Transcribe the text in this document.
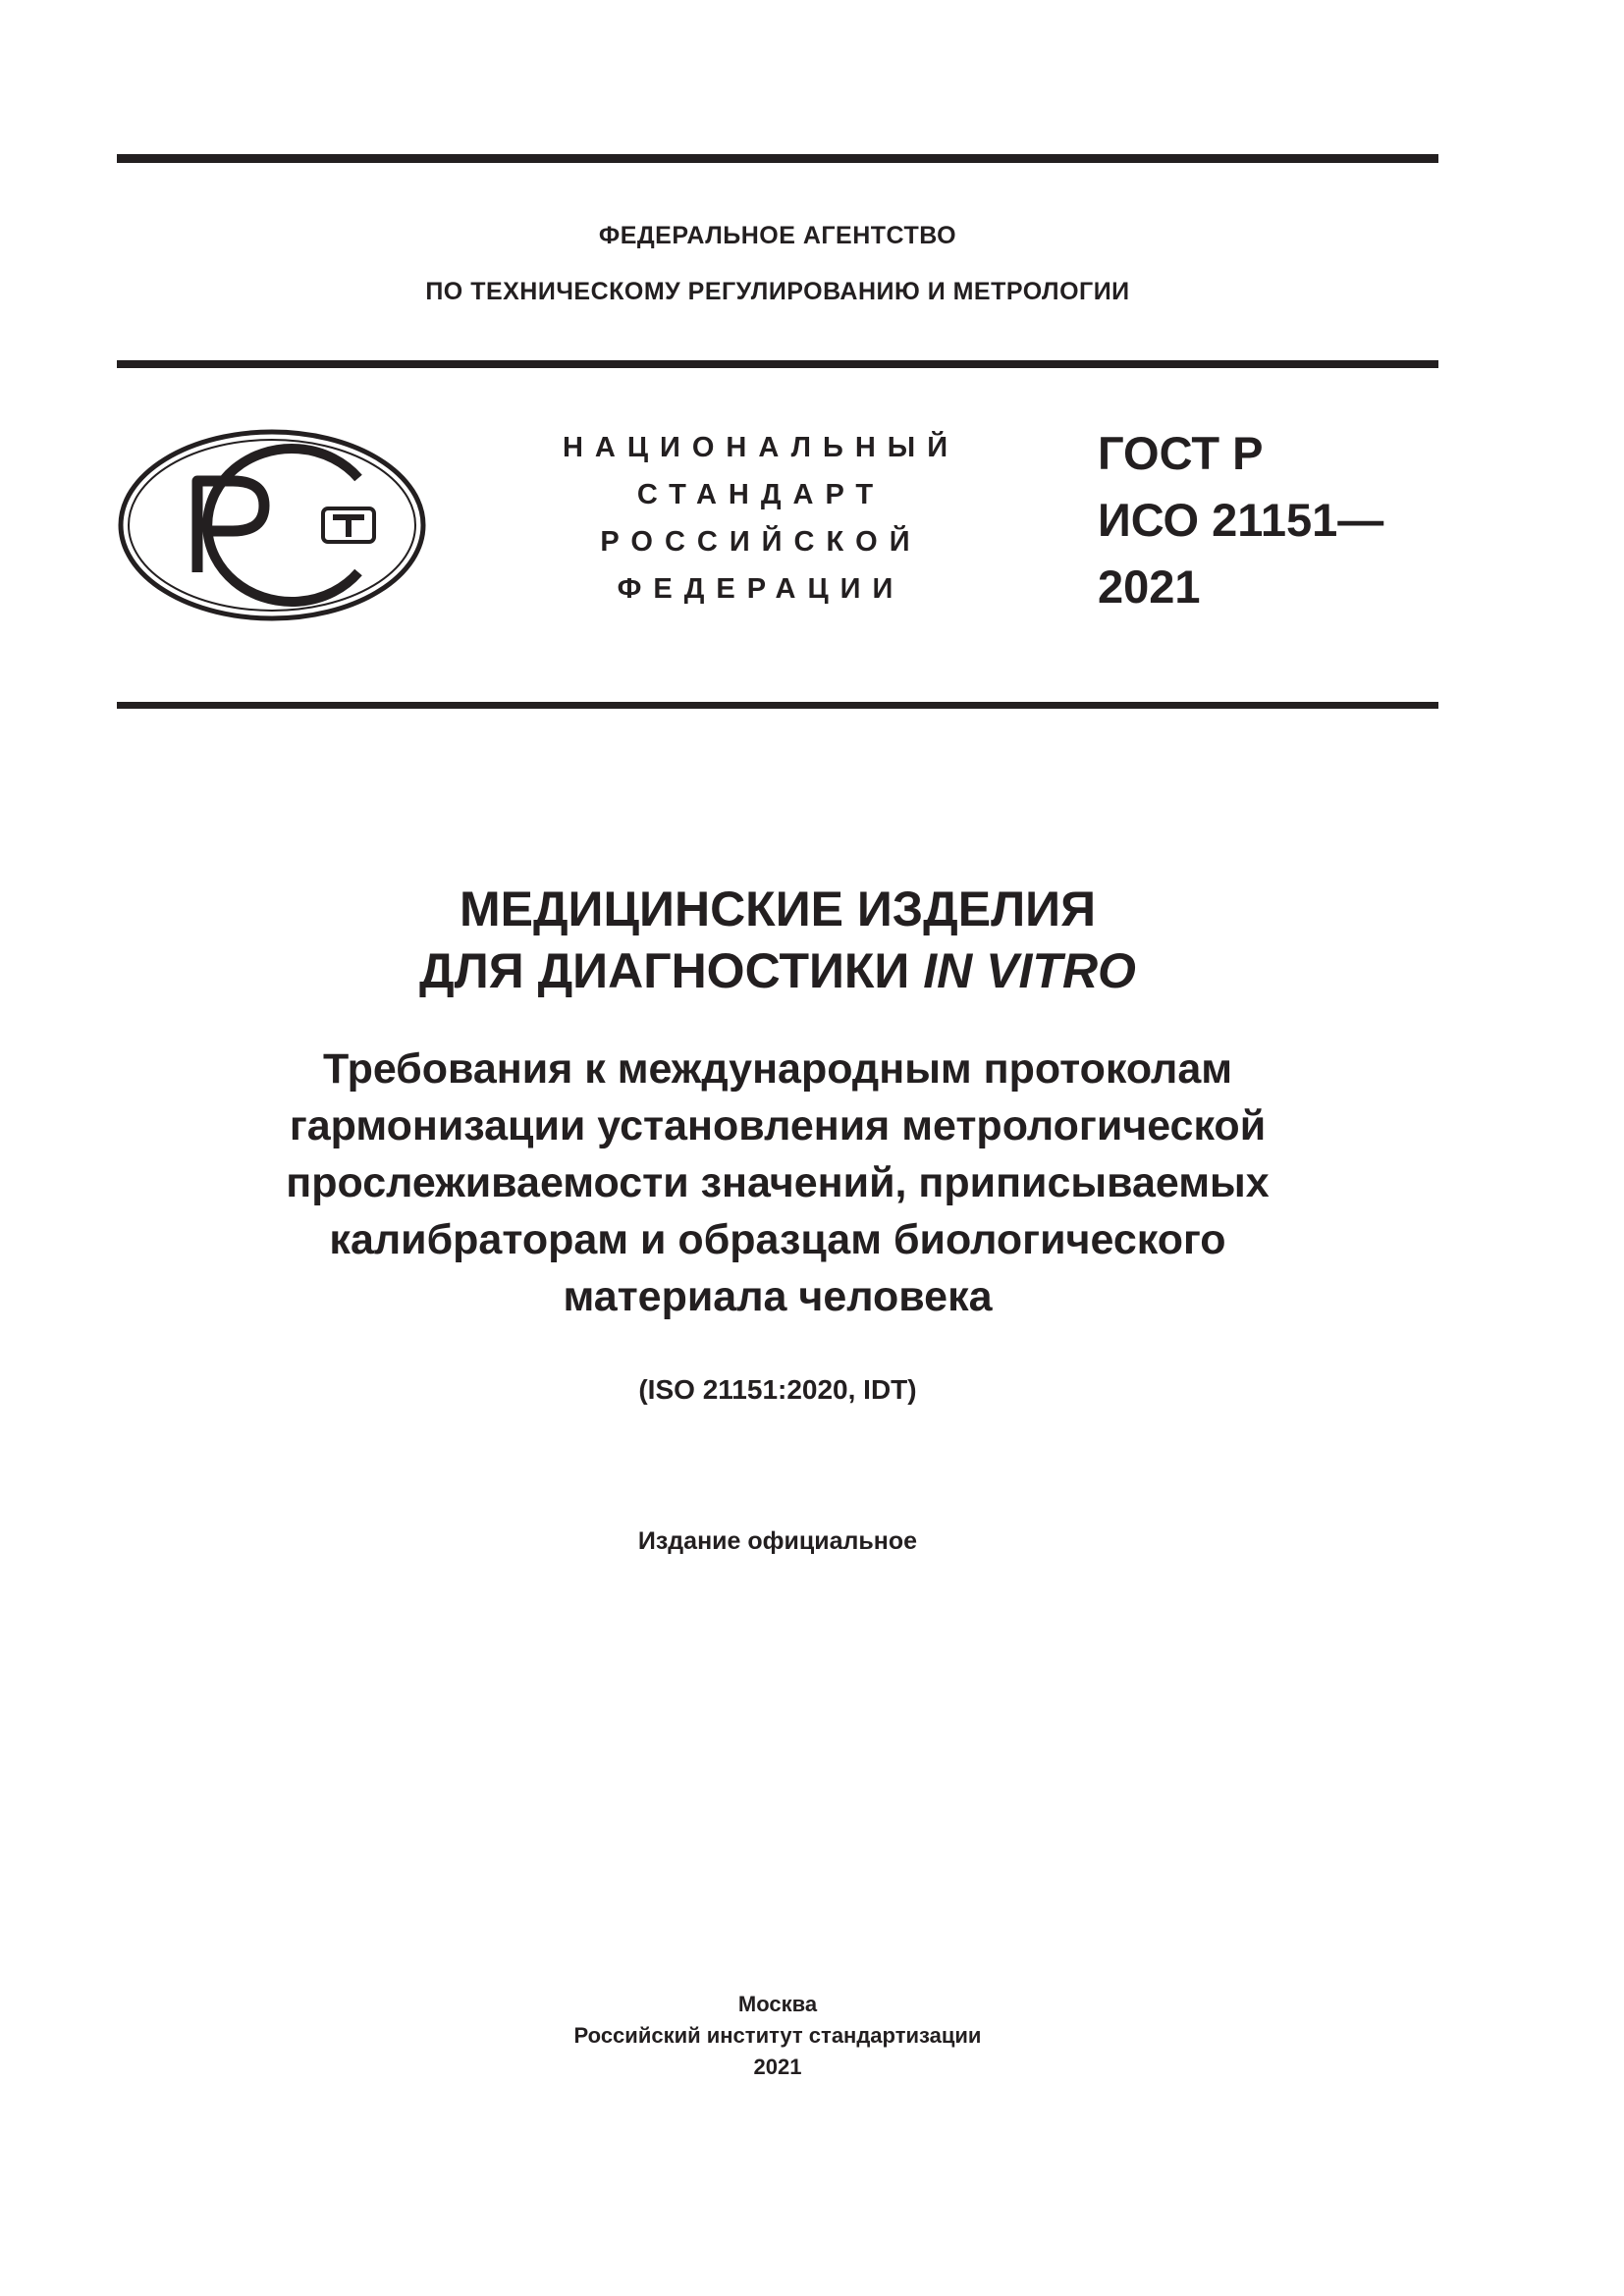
ФЕДЕРАЛЬНОЕ АГЕНТСТВО
ПО ТЕХНИЧЕСКОМУ РЕГУЛИРОВАНИЮ И МЕТРОЛОГИИ
НАЦИОНАЛЬНЫЙ
СТАНДАРТ
РОССИЙСКОЙ
ФЕДЕРАЦИИ
ГОСТ Р
ИСО 21151—
2021
МЕДИЦИНСКИЕ ИЗДЕЛИЯ
ДЛЯ ДИАГНОСТИКИ IN VITRO
Требования к международным протоколам
гармонизации установления метрологической
прослеживаемости значений, приписываемых
калибраторам и образцам биологического
материала человека
(ISO 21151:2020, IDT)
Издание официальное
Москва
Российский институт стандартизации
2021
